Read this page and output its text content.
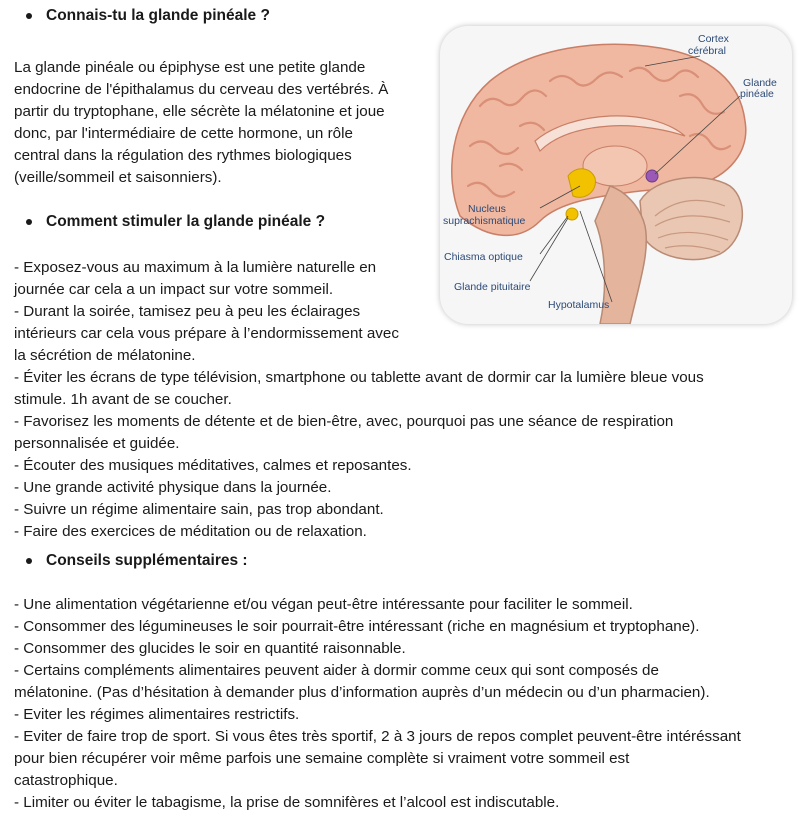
Connais-tu la glande pinéale ?
La glande pinéale ou épiphyse est une petite glande
endocrine de l'épithalamus du cerveau des vertébrés. À
partir du tryptophane, elle sécrète la mélatonine et joue
donc, par l'intermédiaire de cette hormone, un rôle
central dans la régulation des rythmes biologiques
(veille/sommeil et saisonniers).
Comment stimuler la glande pinéale ?
- Exposez-vous au maximum à la lumière naturelle en
journée car cela a un impact sur votre sommeil.
- Durant la soirée, tamisez peu à peu les éclairages
intérieurs car cela vous prépare à l’endormissement avec
la sécrétion de mélatonine.
- Éviter les écrans de type télévision, smartphone ou tablette avant de dormir car la lumière bleue vous
stimule. 1h avant de se coucher.
- Favorisez les moments de détente et de bien-être, avec, pourquoi pas une séance de respiration
personnalisée et guidée.
- Écouter des musiques méditatives, calmes et reposantes.
- Une grande activité physique dans la journée.
- Suivre un régime alimentaire sain, pas trop abondant.
- Faire des exercices de méditation ou de relaxation.
Conseils supplémentaires :
- Une alimentation végétarienne et/ou végan peut-être intéressante pour faciliter le sommeil.
- Consommer des légumineuses le soir pourrait-être intéressant (riche en magnésium et tryptophane).
- Consommer des glucides le soir en quantité raisonnable.
- Certains compléments alimentaires peuvent aider à dormir comme ceux qui sont composés de
mélatonine. (Pas d’hésitation à demander plus d’information auprès d’un médecin ou d’un pharmacien).
- Eviter les régimes alimentaires restrictifs.
- Eviter de faire trop de sport. Si vous êtes très sportif, 2 à 3 jours de repos complet peuvent-être intéréssant
pour bien récupérer voir même parfois une semaine complète si vraiment votre sommeil est
catastrophique.
- Limiter ou éviter le tabagisme, la prise de somnifères et l’alcool est indiscutable.
Cortex
cérébral
Glande
pinéale
Nucleus
suprachismatique
Chiasma optique
Glande pituitaire
Hypotalamus
